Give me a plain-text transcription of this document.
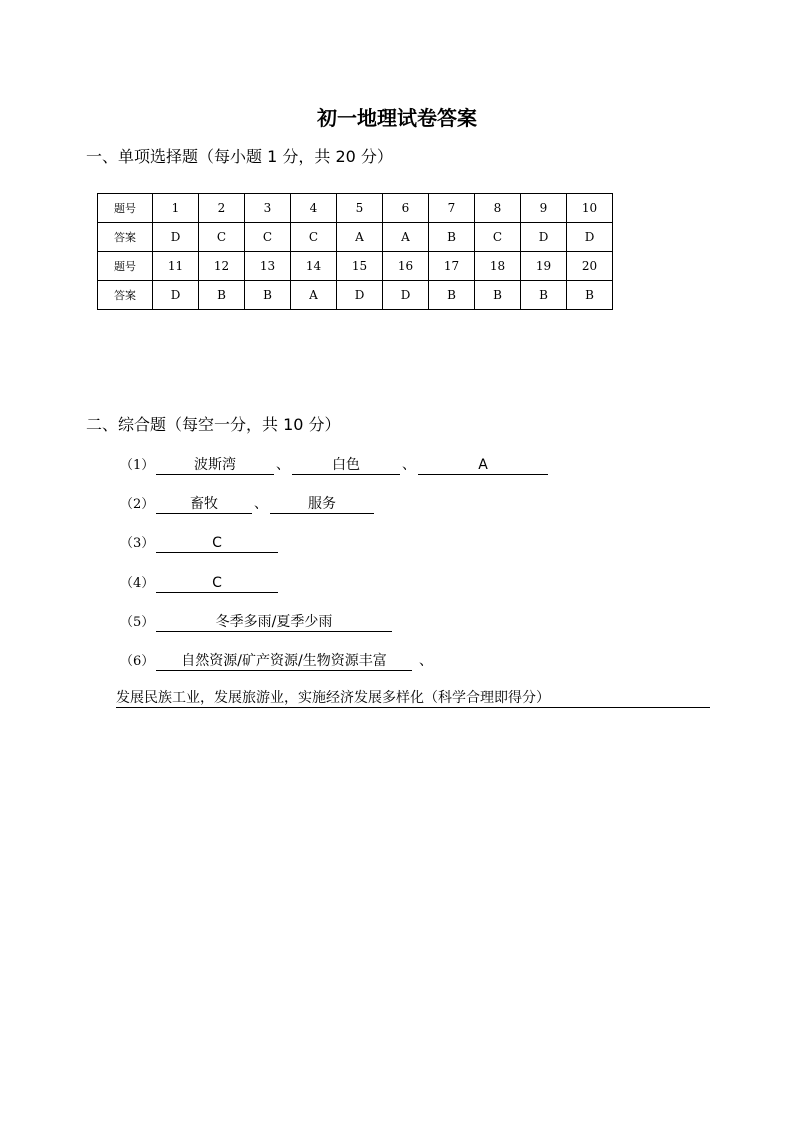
初一地理试卷答案
一、单项选择题（每小题 1 分，共 20 分）
题号	1	2	3	4	5	6	7	8	9	10
答案	D	C	C	C	A	A	B	C	D	D
题号	11	12	13	14	15	16	17	18	19	20
答案	D	B	B	A	D	D	B	B	B	B
二、综合题（每空一分，共 10 分）
（1）	波斯湾	、	白色	、	A
（2）	畜牧	、	服务
（3）	C
（4）	C
（5）	冬季多雨/夏季少雨
（6） 自然资源/矿产资源/生物资源丰富 、
发展民族工业，发展旅游业，实施经济发展多样化（科学合理即得分）
